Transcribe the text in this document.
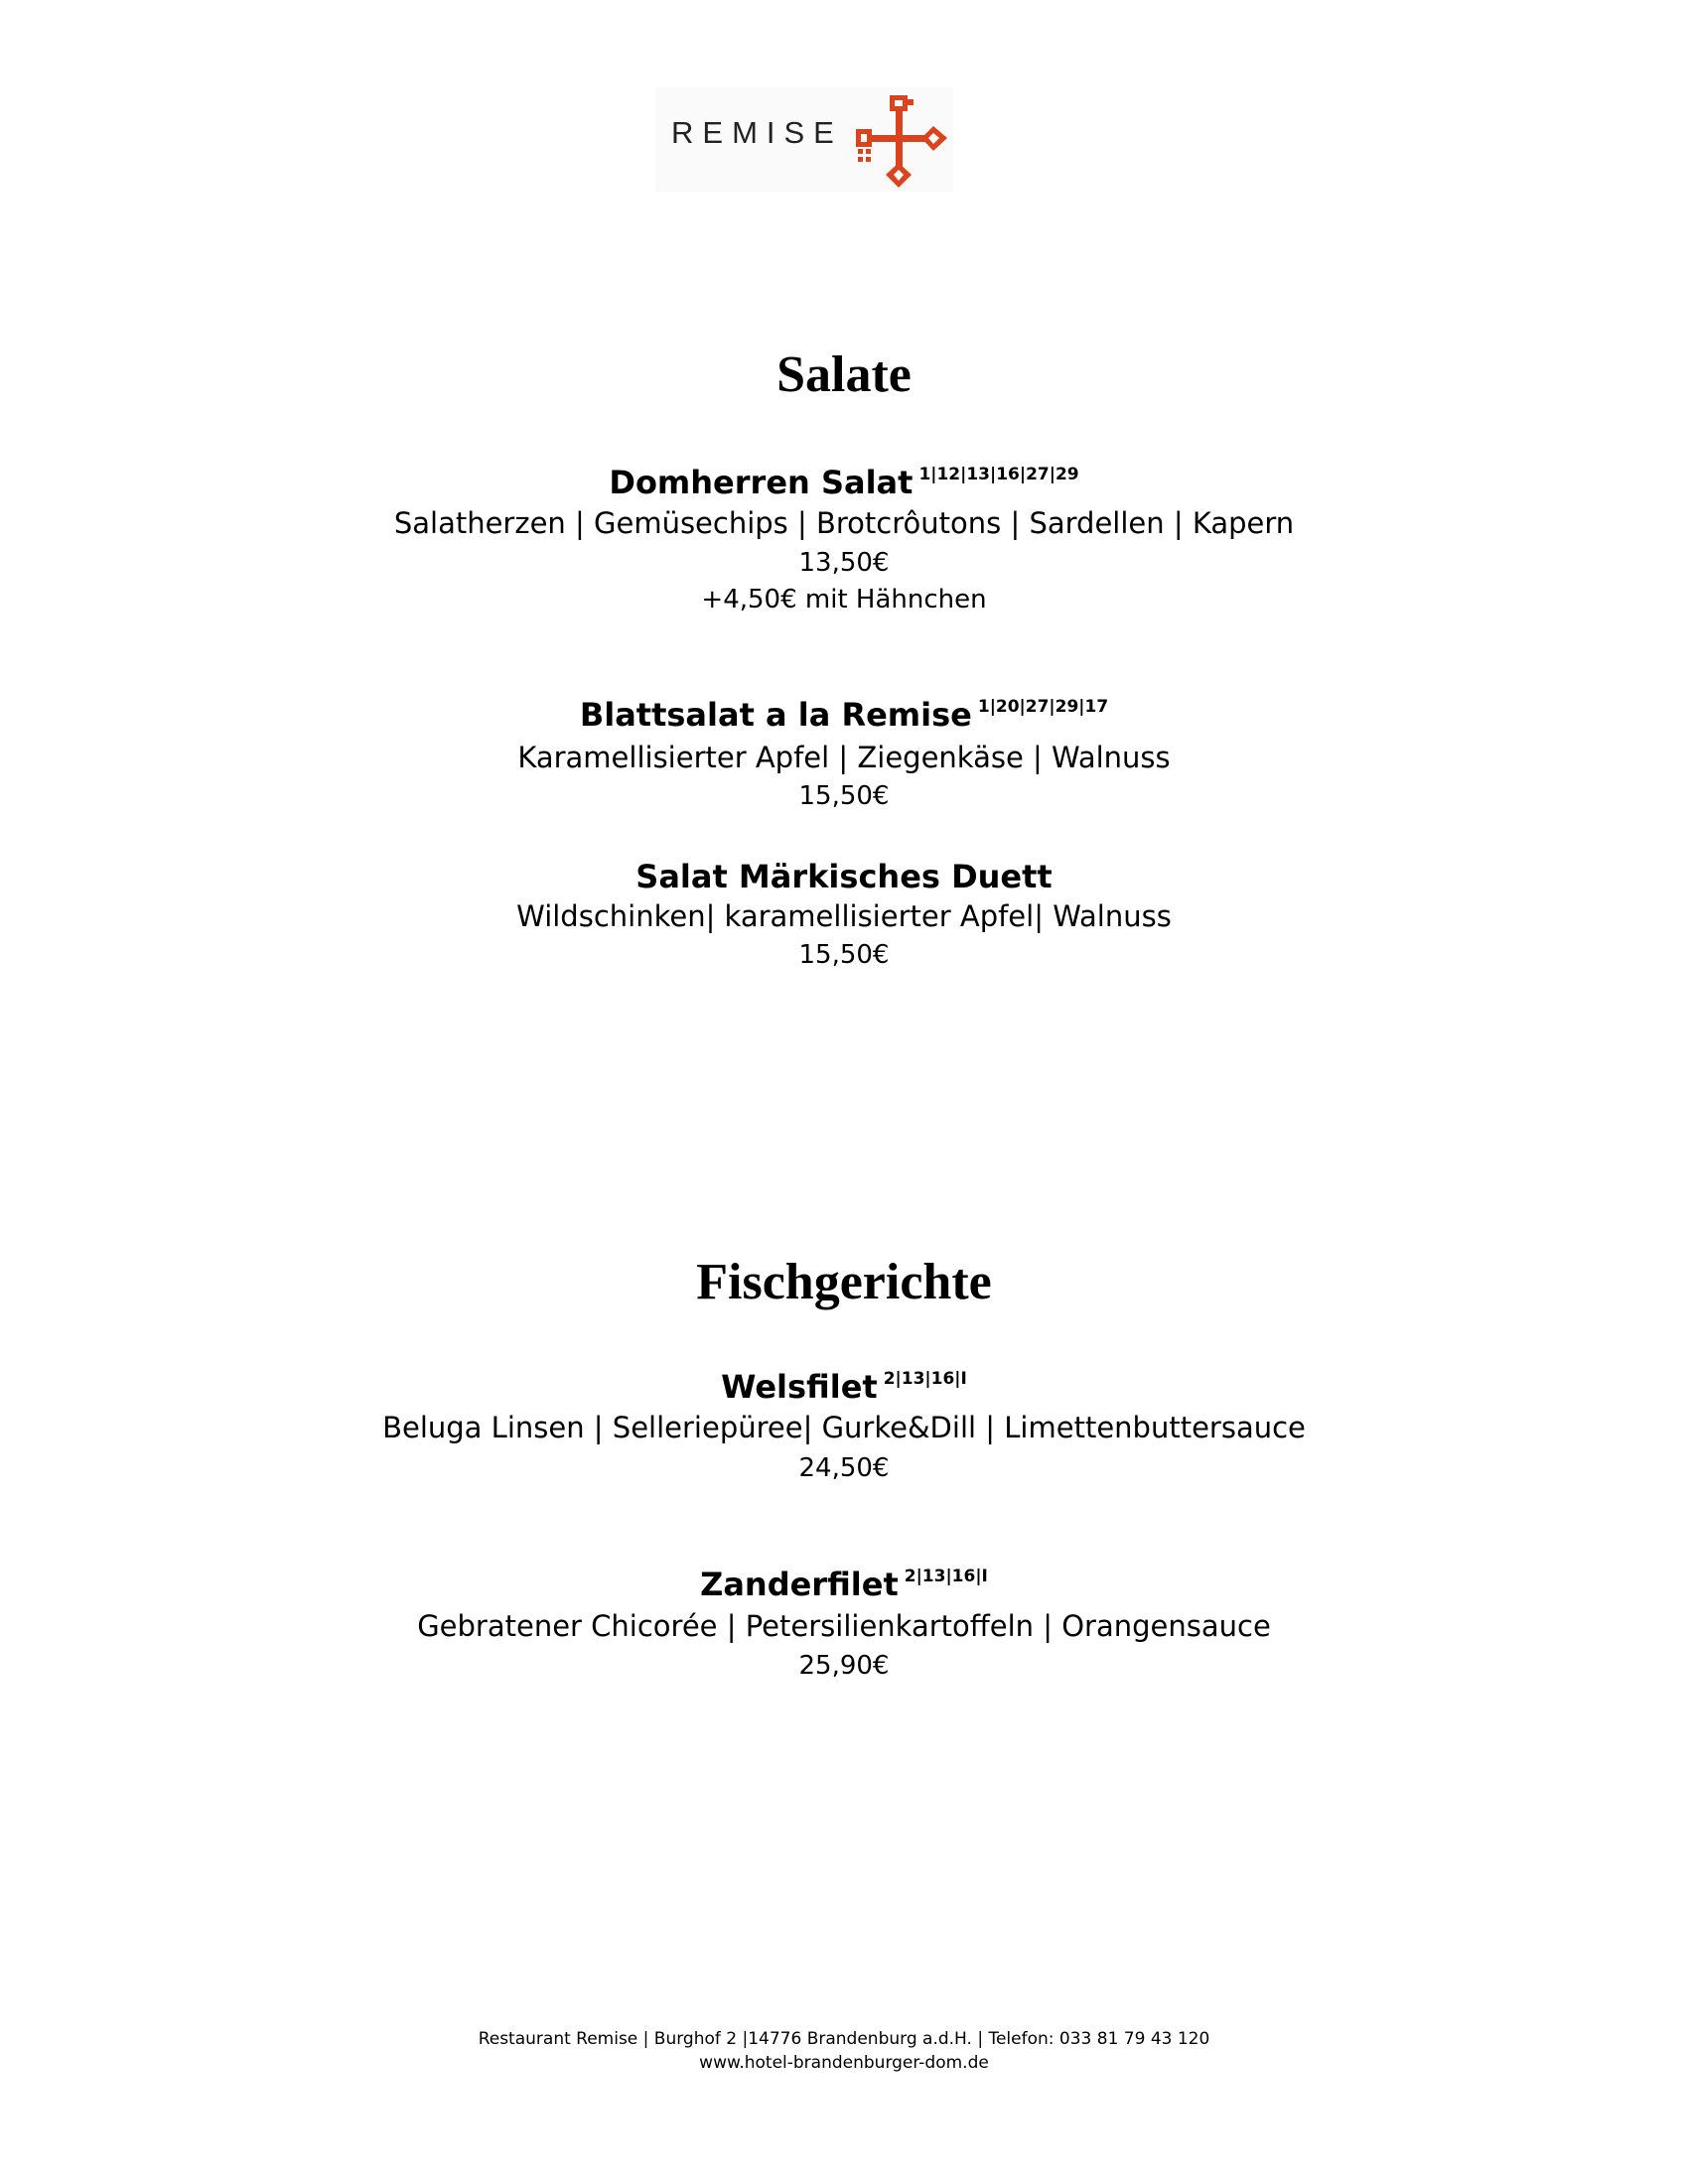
REMISE
Salate

Domherren Salat $^{1|12|13|16|27|29}$

Salatherzen | Gemüsechips | Brotcrôutons | Sardellen | Kapern

13,50€

+4,50€ mit Hähnchen

Blattsalat a la Remise $^{1|20|27|29|17}$

Karamellisierter Apfel | Ziegenkäse | Walnuss

15,50€

Salat Märkisches Duett

Wildschinken| karamellisierter Apfel| Walnuss

15,50€

Fischgerichte

Welsfilet $^{2|13|16|I}$

Beluga Linsen | Selleriepüree| Gurke&Dill | Limettenbuttersauce

24,50€

Zanderfilet $^{2|13|16|I}$

Gebratener Chicorée | Petersilienkartoffeln | Orangensauce

25,90€

Restaurant Remise | Burghof 2 |14776 Brandenburg a.d.H. | Telefon: 033 81 79 43 120
www.hotel-brandenburger-dom.de
